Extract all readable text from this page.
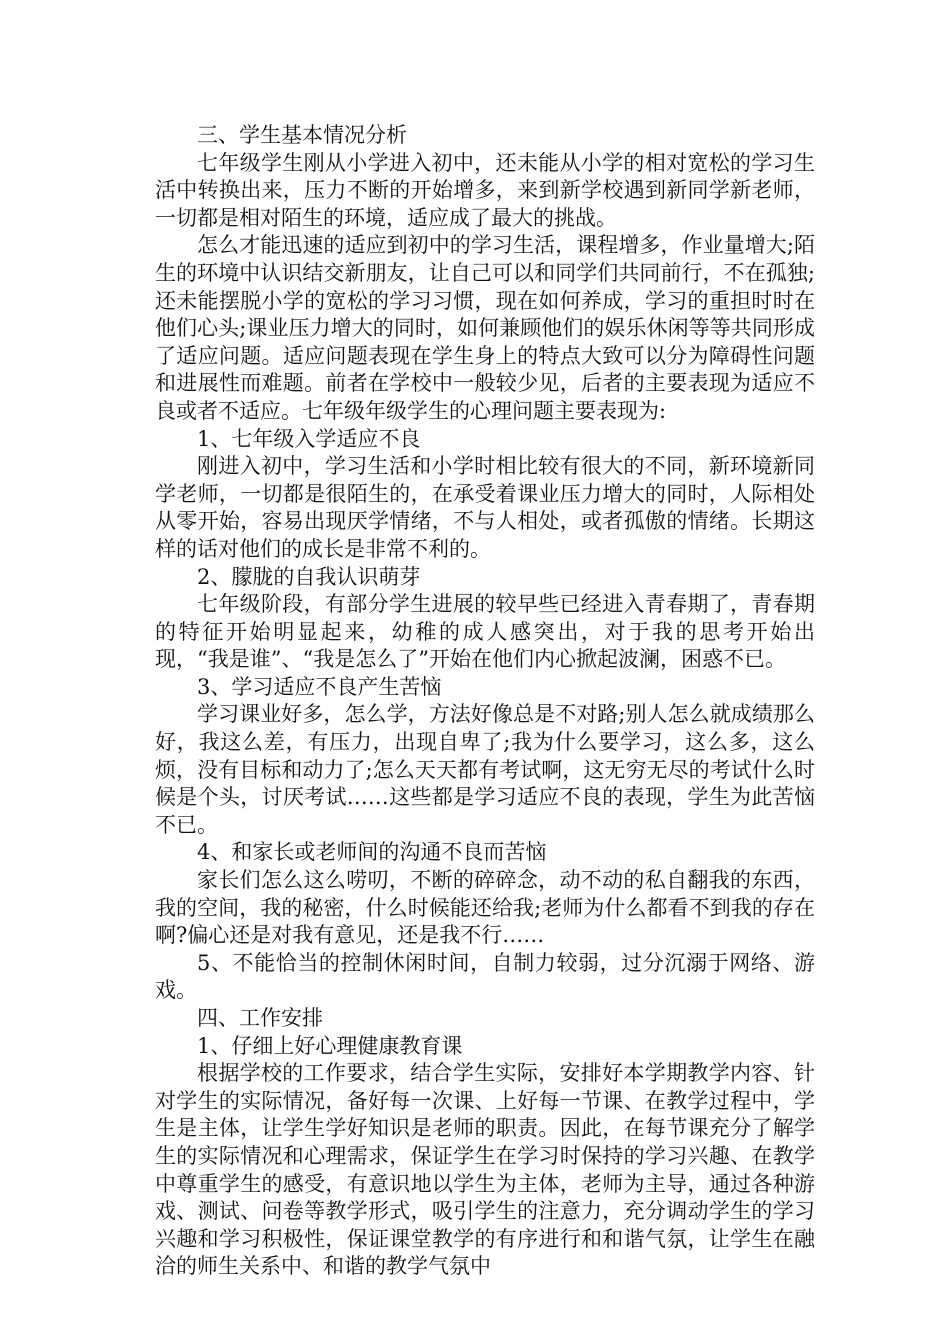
三、学生基本情况分析

七年级学生刚从小学进入初中，还未能从小学的相对宽松的学习生活中转换出来，压力不断的开始增多，来到新学校遇到新同学新老师，一切都是相对陌生的环境，适应成了最大的挑战。

怎么才能迅速的适应到初中的学习生活，课程增多，作业量增大;陌生的环境中认识结交新朋友，让自己可以和同学们共同前行，不在孤独;还未能摆脱小学的宽松的学习习惯，现在如何养成，学习的重担时时在他们心头;课业压力增大的同时，如何兼顾他们的娱乐休闲等等共同形成了适应问题。适应问题表现在学生身上的特点大致可以分为障碍性问题和进展性而难题。前者在学校中一般较少见，后者的主要表现为适应不良或者不适应。七年级年级学生的心理问题主要表现为:

1、七年级入学适应不良

刚进入初中，学习生活和小学时相比较有很大的不同，新环境新同学老师，一切都是很陌生的，在承受着课业压力增大的同时，人际相处从零开始，容易出现厌学情绪，不与人相处，或者孤傲的情绪。长期这样的话对他们的成长是非常不利的。

2、朦胧的自我认识萌芽

七年级阶段，有部分学生进展的较早些已经进入青春期了，青春期的特征开始明显起来，幼稚的成人感突出，对于我的思考开始出现，“我是谁”、“我是怎么了”开始在他们内心掀起波澜，困惑不已。

3、学习适应不良产生苦恼

学习课业好多，怎么学，方法好像总是不对路;别人怎么就成绩那么好，我这么差，有压力，出现自卑了;我为什么要学习，这么多，这么烦，没有目标和动力了;怎么天天都有考试啊，这无穷无尽的考试什么时候是个头，讨厌考试……这些都是学习适应不良的表现，学生为此苦恼不已。

4、和家长或老师间的沟通不良而苦恼

家长们怎么这么唠叨，不断的碎碎念，动不动的私自翻我的东西，我的空间，我的秘密，什么时候能还给我;老师为什么都看不到我的存在啊?偏心还是对我有意见，还是我不行……

5、不能恰当的控制休闲时间，自制力较弱，过分沉溺于网络、游戏。

四、工作安排

1、仔细上好心理健康教育课

根据学校的工作要求，结合学生实际，安排好本学期教学内容、针对学生的实际情况，备好每一次课、上好每一节课、在教学过程中，学生是主体，让学生学好知识是老师的职责。因此，在每节课充分了解学生的实际情况和心理需求，保证学生在学习时保持的学习兴趣、在教学中尊重学生的感受，有意识地以学生为主体，老师为主导，通过各种游戏、测试、问卷等教学形式，吸引学生的注意力，充分调动学生的学习兴趣和学习积极性，保证课堂教学的有序进行和和谐气氛，让学生在融洽的师生关系中、和谐的教学气氛中
